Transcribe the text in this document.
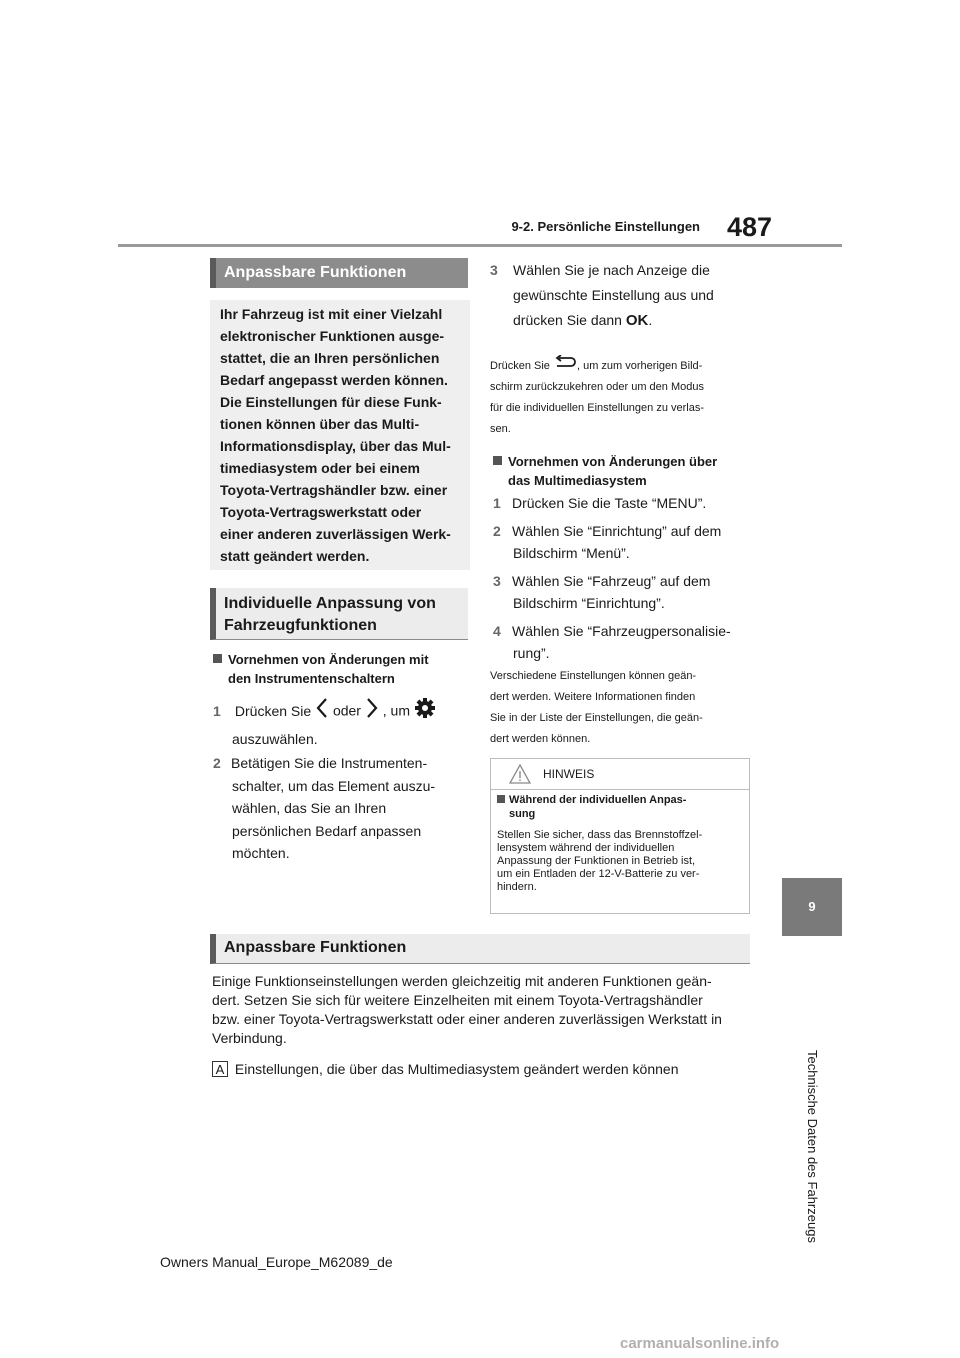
9-2. Persönliche Einstellungen 487
9
Technische Daten des Fahrzeugs
Anpassbare Funktionen
Ihr Fahrzeug ist mit einer Vielzahl
elektronischer Funktionen ausge-
stattet, die an Ihren persönlichen
Bedarf angepasst werden können.
Die Einstellungen für diese Funk-
tionen können über das Multi-
Informationsdisplay, über das Mul-
timediasystem oder bei einem
Toyota-Vertragshändler bzw. einer
Toyota-Vertragswerkstatt oder
einer anderen zuverlässigen Werk-
statt geändert werden.
Individuelle Anpassung von
Fahrzeugfunktionen
Vornehmen von Änderungen mit
den Instrumentenschaltern
1 Drücken Sie oder , um
auszuwählen.
2 Betätigen Sie die Instrumenten-
schalter, um das Element auszu-
wählen, das Sie an Ihren
persönlichen Bedarf anpassen
möchten.
3 Wählen Sie je nach Anzeige die
gewünschte Einstellung aus und
drücken Sie dann OK.
Drücken Sie , um zum vorherigen Bild-
schirm zurückzukehren oder um den Modus
für die individuellen Einstellungen zu verlas-
sen.
Vornehmen von Änderungen über
das Multimediasystem
1 Drücken Sie die Taste “MENU”.
2 Wählen Sie “Einrichtung” auf dem
Bildschirm “Menü”.
3 Wählen Sie “Fahrzeug” auf dem
Bildschirm “Einrichtung”.
4 Wählen Sie “Fahrzeugpersonalisie-
rung”.
Verschiedene Einstellungen können geän-
dert werden. Weitere Informationen finden
Sie in der Liste der Einstellungen, die geän-
dert werden können.
HINWEIS
Während der individuellen Anpas-
sung
Stellen Sie sicher, dass das Brennstoffzel-
lensystem während der individuellen
Anpassung der Funktionen in Betrieb ist,
um ein Entladen der 12-V-Batterie zu ver-
hindern.
Anpassbare Funktionen
Einige Funktionseinstellungen werden gleichzeitig mit anderen Funktionen geän-
dert. Setzen Sie sich für weitere Einzelheiten mit einem Toyota-Vertragshändler
bzw. einer Toyota-Vertragswerkstatt oder einer anderen zuverlässigen Werkstatt in
Verbindung.
A Einstellungen, die über das Multimediasystem geändert werden können
Owners Manual_Europe_M62089_de
carmanualsonline.info
